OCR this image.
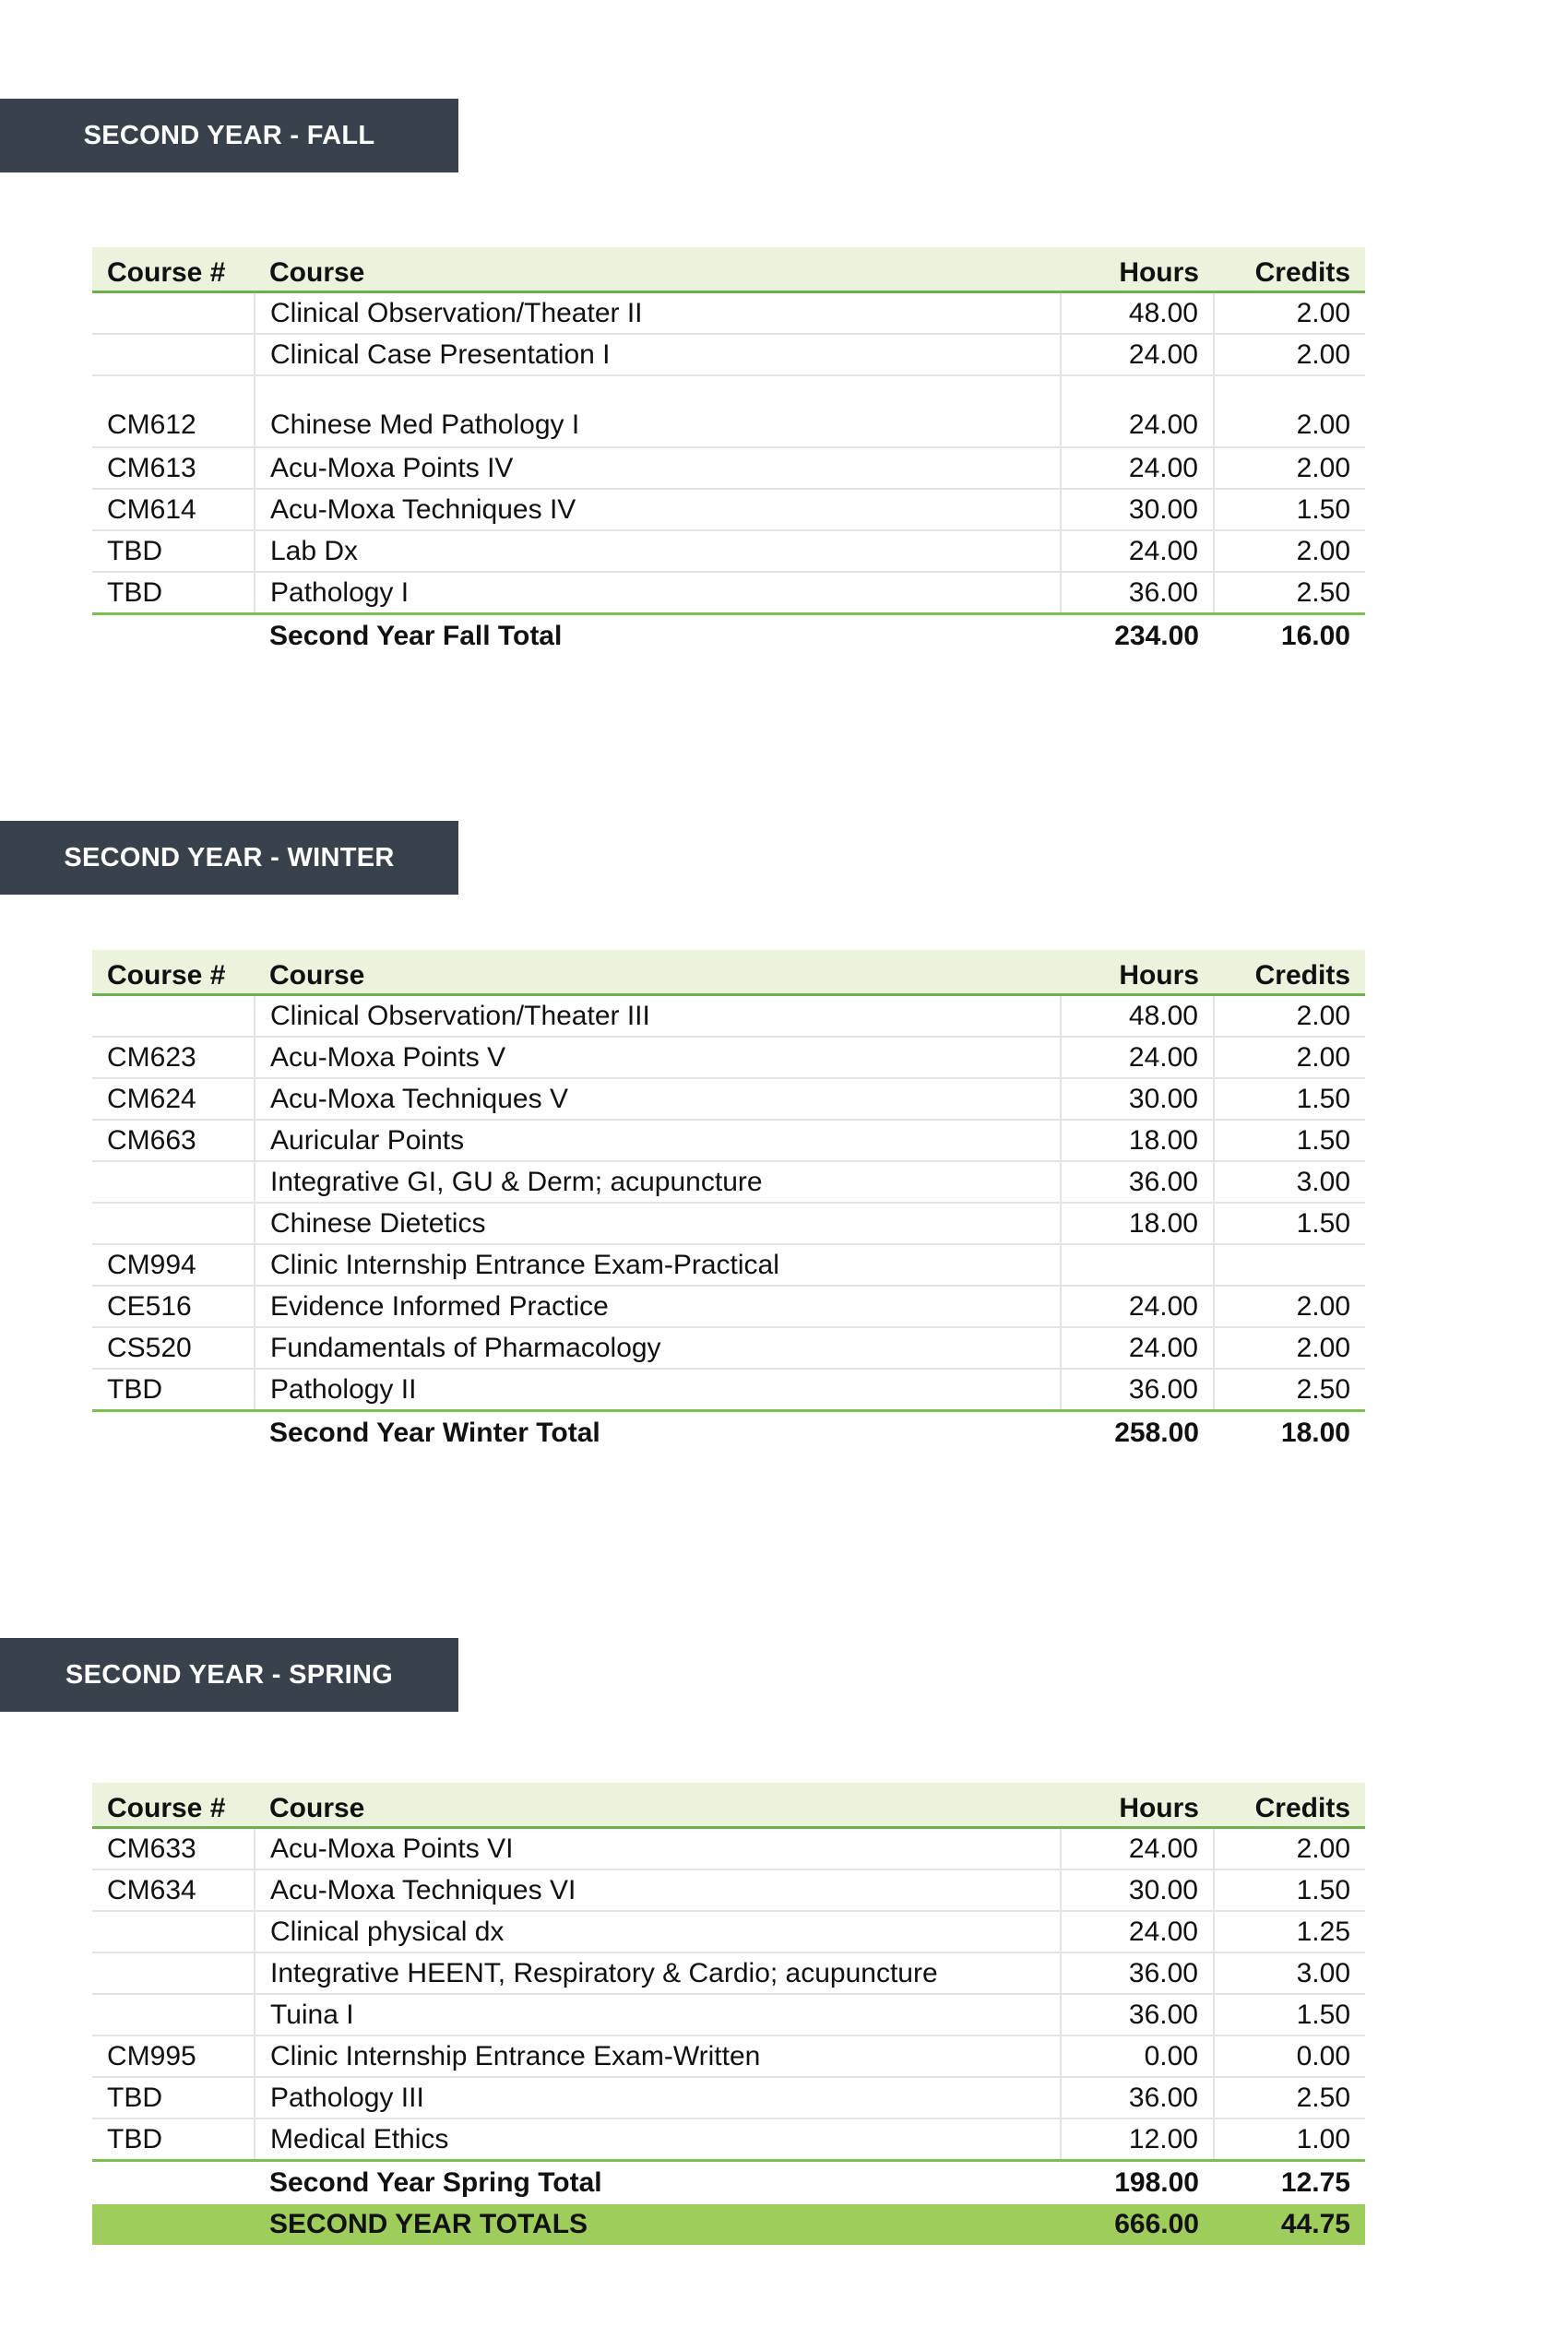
SECOND YEAR - FALL
Course #	Course	Hours	Credits
	Clinical Observation/Theater II	48.00	2.00
	Clinical Case Presentation I	24.00	2.00
CM612	Chinese Med Pathology I	24.00	2.00
CM613	Acu-Moxa Points IV	24.00	2.00
CM614	Acu-Moxa Techniques IV	30.00	1.50
TBD	Lab Dx	24.00	2.00
TBD	Pathology I	36.00	2.50
	Second Year Fall Total	234.00	16.00
SECOND YEAR - WINTER
Course #	Course	Hours	Credits
	Clinical Observation/Theater III	48.00	2.00
CM623	Acu-Moxa Points V	24.00	2.00
CM624	Acu-Moxa Techniques V	30.00	1.50
CM663	Auricular Points	18.00	1.50
	Integrative GI, GU & Derm; acupuncture	36.00	3.00
	Chinese Dietetics	18.00	1.50
CM994	Clinic Internship Entrance Exam-Practical		
CE516	Evidence Informed Practice	24.00	2.00
CS520	Fundamentals of Pharmacology	24.00	2.00
TBD	Pathology II	36.00	2.50
	Second Year Winter Total	258.00	18.00
SECOND YEAR - SPRING
Course #	Course	Hours	Credits
CM633	Acu-Moxa Points VI	24.00	2.00
CM634	Acu-Moxa Techniques VI	30.00	1.50
	Clinical physical dx	24.00	1.25
	Integrative HEENT, Respiratory & Cardio; acupuncture	36.00	3.00
	Tuina I	36.00	1.50
CM995	Clinic Internship Entrance Exam-Written	0.00	0.00
TBD	Pathology III	36.00	2.50
TBD	Medical Ethics	12.00	1.00
	Second Year Spring Total	198.00	12.75
	SECOND YEAR TOTALS	666.00	44.75
